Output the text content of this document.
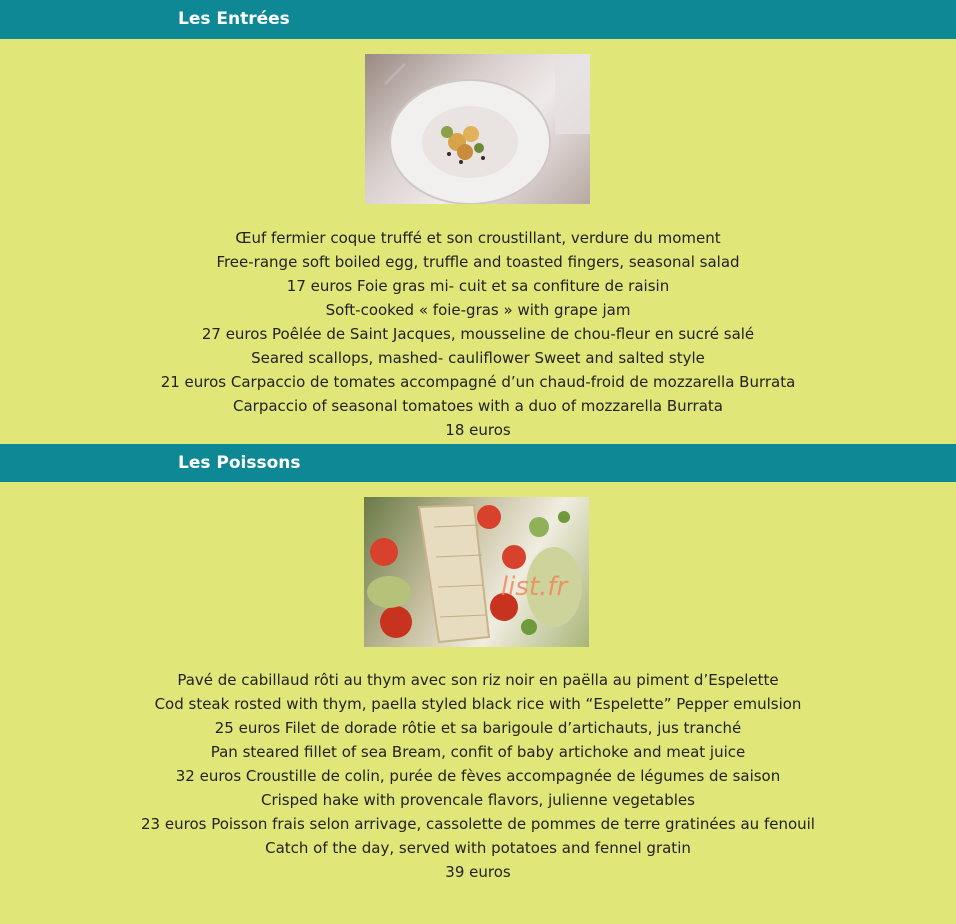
Les Entrées
Œuf fermier coque truffé et son croustillant, verdure du moment
Free-range soft boiled egg, truffle and toasted fingers, seasonal salad
17 euros Foie gras mi- cuit et sa confiture de raisin
Soft-cooked « foie-gras » with grape jam
27 euros Poêlée de Saint Jacques, mousseline de chou-fleur en sucré salé
Seared scallops, mashed- cauliflower Sweet and salted style
21 euros Carpaccio de tomates accompagné d’un chaud-froid de mozzarella Burrata
Carpaccio of seasonal tomatoes with a duo of mozzarella Burrata
18 euros
Les Poissons
list.fr
Pavé de cabillaud rôti au thym avec son riz noir en paëlla au piment d’Espelette
Cod steak rosted with thym, paella styled black rice with “Espelette” Pepper emulsion
25 euros Filet de dorade rôtie et sa barigoule d’artichauts, jus tranché
Pan steared fillet of sea Bream, confit of baby artichoke and meat juice
32 euros Croustille de colin, purée de fèves accompagnée de légumes de saison
Crisped hake with provencale flavors, julienne vegetables
23 euros Poisson frais selon arrivage, cassolette de pommes de terre gratinées au fenouil
Catch of the day, served with potatoes and fennel gratin
39 euros
